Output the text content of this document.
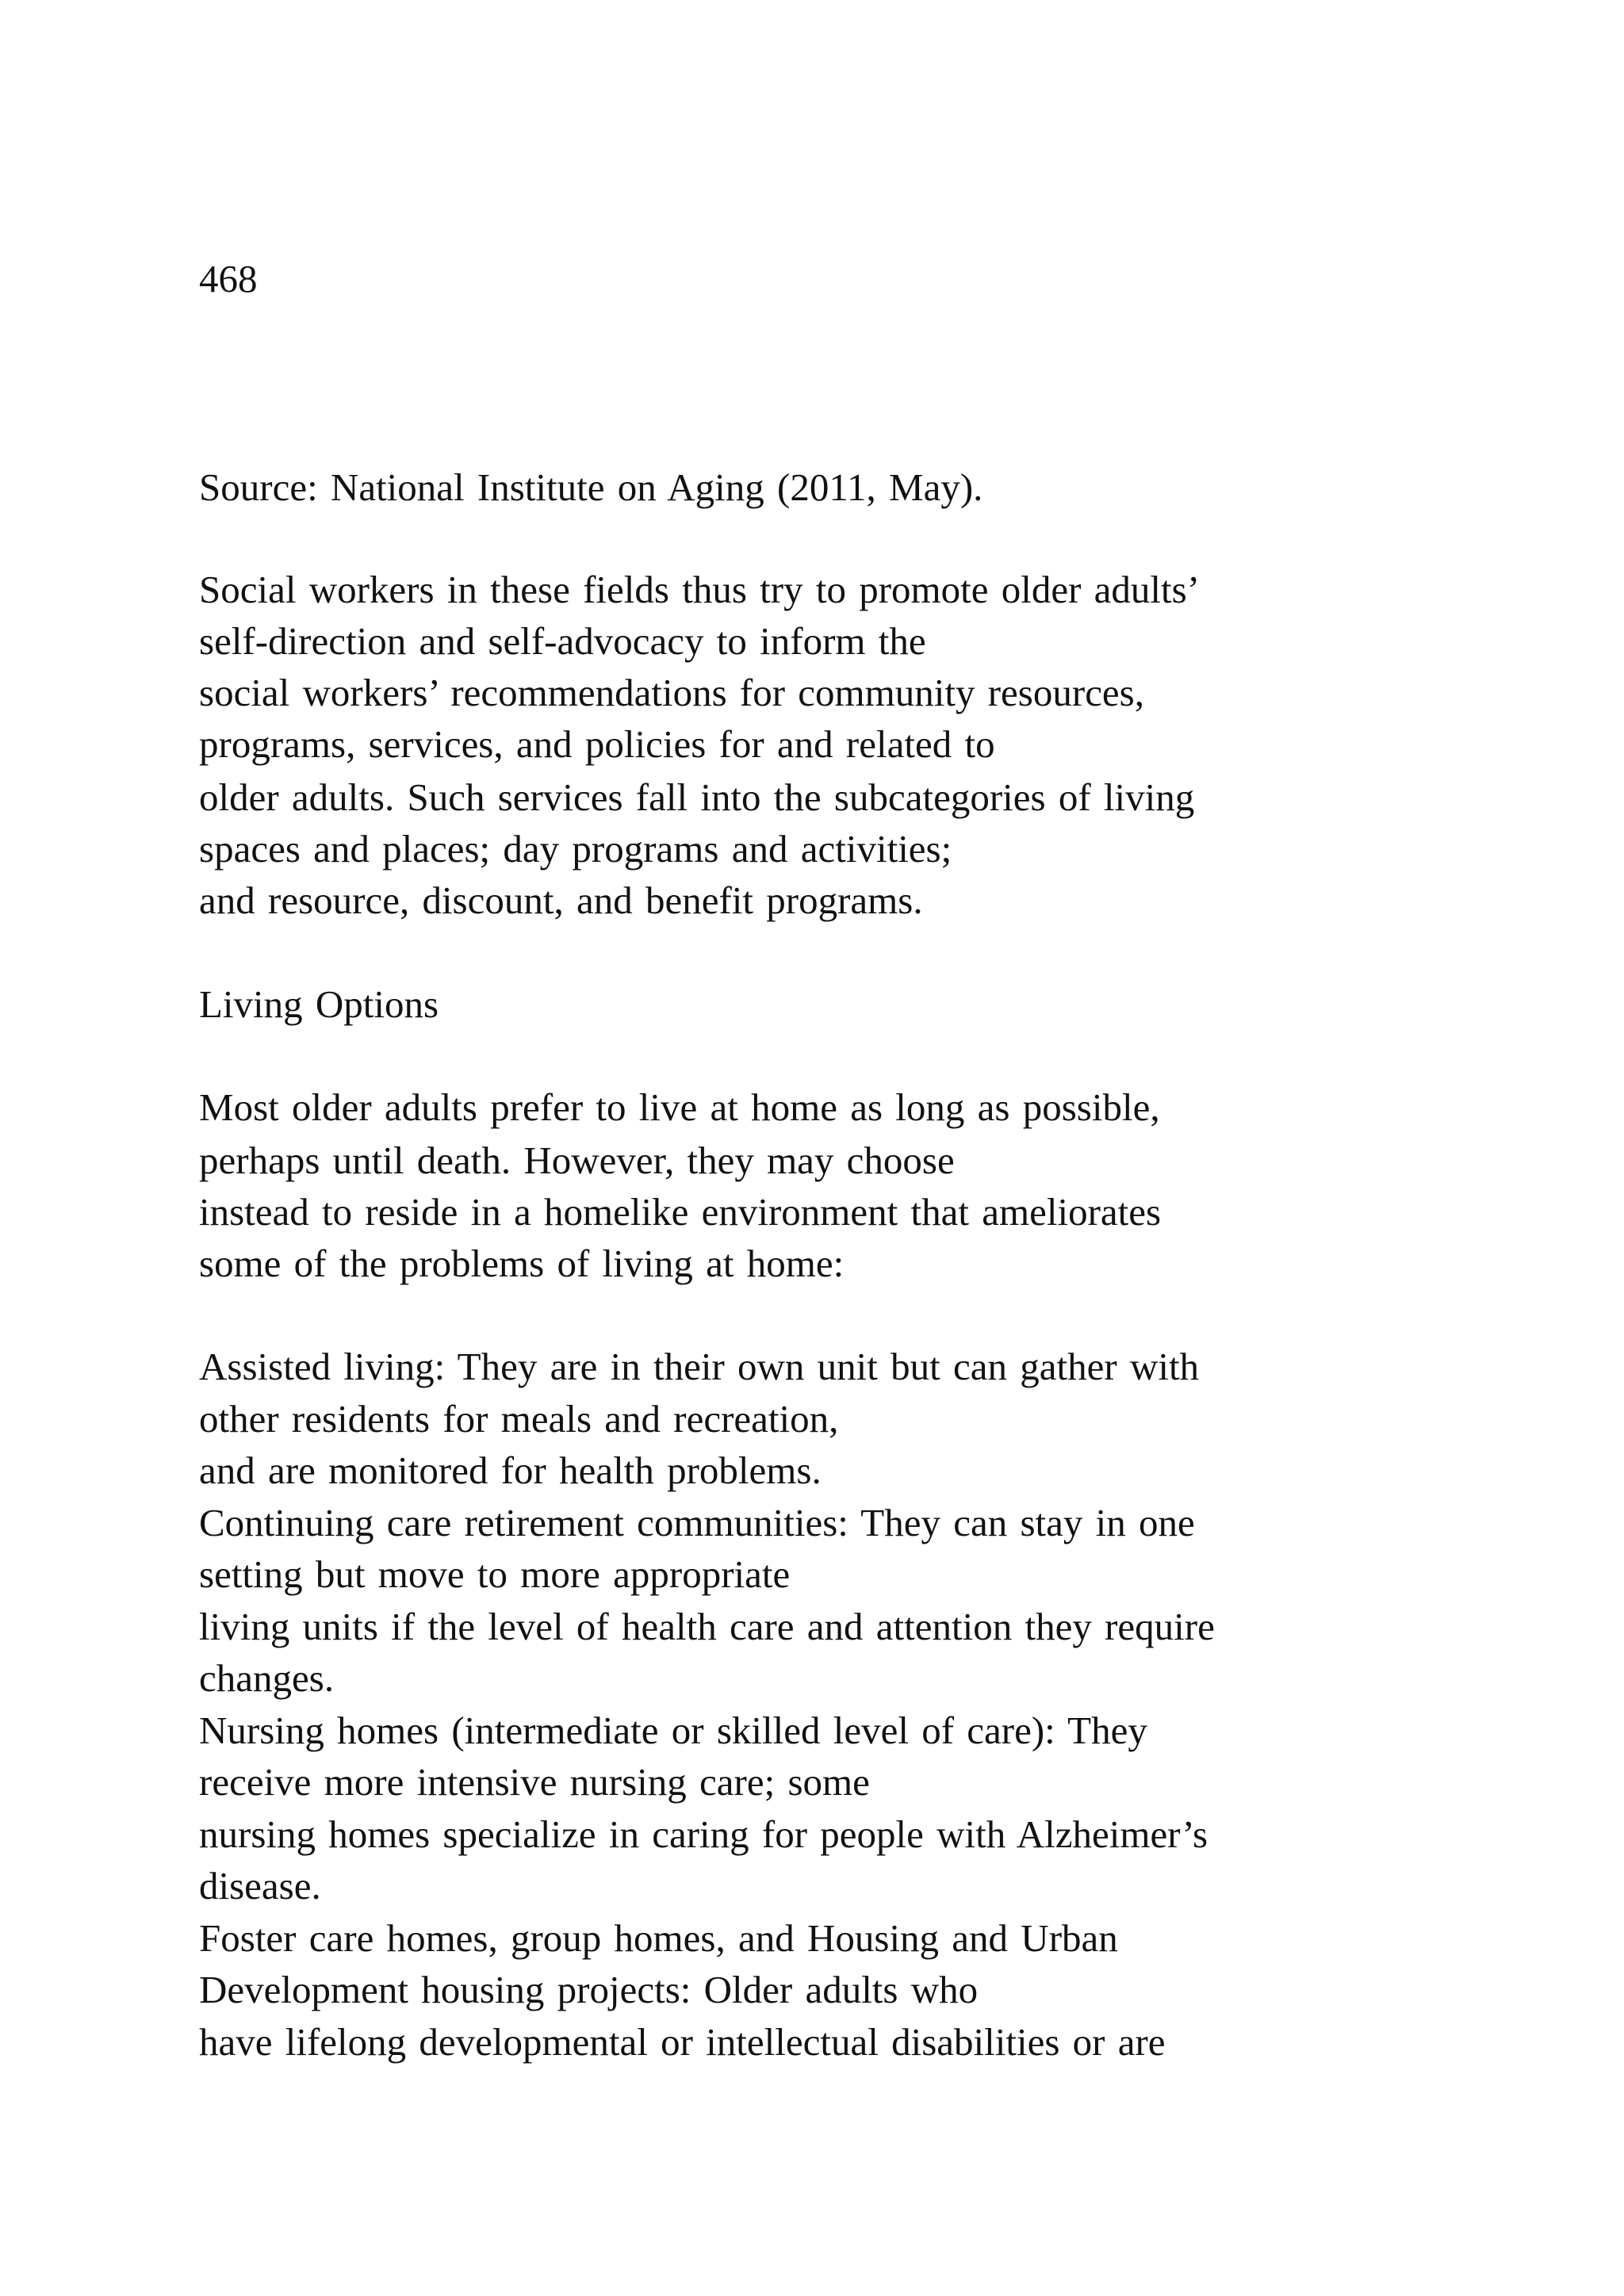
468
Source: National Institute on Aging (2011, May).
Social workers in these fields thus try to promote older adults’
self-direction and self-advocacy to inform the
social workers’ recommendations for community resources,
programs, services, and policies for and related to
older adults. Such services fall into the subcategories of living
spaces and places; day programs and activities;
and resource, discount, and benefit programs.
Living Options
Most older adults prefer to live at home as long as possible,
perhaps until death. However, they may choose
instead to reside in a homelike environment that ameliorates
some of the problems of living at home:
Assisted living: They are in their own unit but can gather with
other residents for meals and recreation,
and are monitored for health problems.
Continuing care retirement communities: They can stay in one
setting but move to more appropriate
living units if the level of health care and attention they require
changes.
Nursing homes (intermediate or skilled level of care): They
receive more intensive nursing care; some
nursing homes specialize in caring for people with Alzheimer’s
disease.
Foster care homes, group homes, and Housing and Urban
Development housing projects: Older adults who
have lifelong developmental or intellectual disabilities or are
